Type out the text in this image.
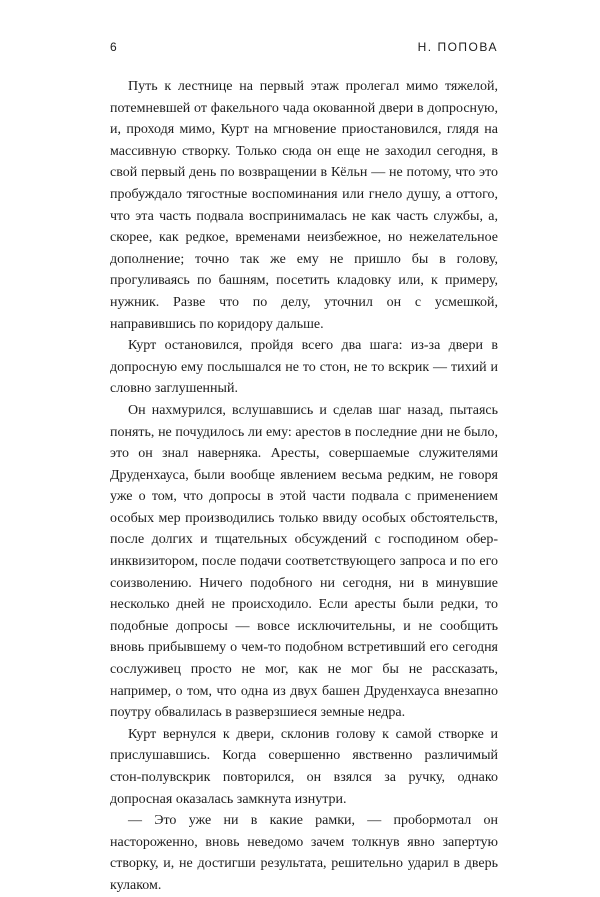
6	Н. ПОПОВА

Путь к лестнице на первый этаж пролегал мимо тяжелой, потемневшей от факельного чада окованной двери в допросную, и, проходя мимо, Курт на мгновение приостановился, глядя на массивную створку. Только сюда он еще не заходил сегодня, в свой первый день по возвращении в Кёльн — не потому, что это пробуждало тягостные воспоминания или гнело душу, а оттого, что эта часть подвала воспринималась не как часть службы, а, скорее, как редкое, временами неизбежное, но нежелательное дополнение; точно так же ему не пришло бы в голову, прогуливаясь по башням, посетить кладовку или, к примеру, нужник. Разве что по делу, уточнил он с усмешкой, направившись по коридору дальше.

Курт остановился, пройдя всего два шага: из-за двери в допросную ему послышался не то стон, не то вскрик — тихий и словно заглушенный.

Он нахмурился, вслушавшись и сделав шаг назад, пытаясь понять, не почудилось ли ему: арестов в последние дни не было, это он знал наверняка. Аресты, совершаемые служителями Друденхауса, были вообще явлением весьма редким, не говоря уже о том, что допросы в этой части подвала с применением особых мер производились только ввиду особых обстоятельств, после долгих и тщательных обсуждений с господином обер-инквизитором, после подачи соответствующего запроса и по его соизволению. Ничего подобного ни сегодня, ни в минувшие несколько дней не происходило. Если аресты были редки, то подобные допросы — вовсе исключительны, и не сообщить вновь прибывшему о чем-то подобном встретивший его сегодня сослуживец просто не мог, как не мог бы не рассказать, например, о том, что одна из двух башен Друденхауса внезапно поутру обвалилась в разверзшиеся земные недра.

Курт вернулся к двери, склонив голову к самой створке и прислушавшись. Когда совершенно явственно различимый стон-полувскрик повторился, он взялся за ручку, однако допросная оказалась замкнута изнутри.

— Это уже ни в какие рамки, — пробормотал он настороженно, вновь неведомо зачем толкнув явно запертую створку, и, не достигши результата, решительно ударил в дверь кулаком.
